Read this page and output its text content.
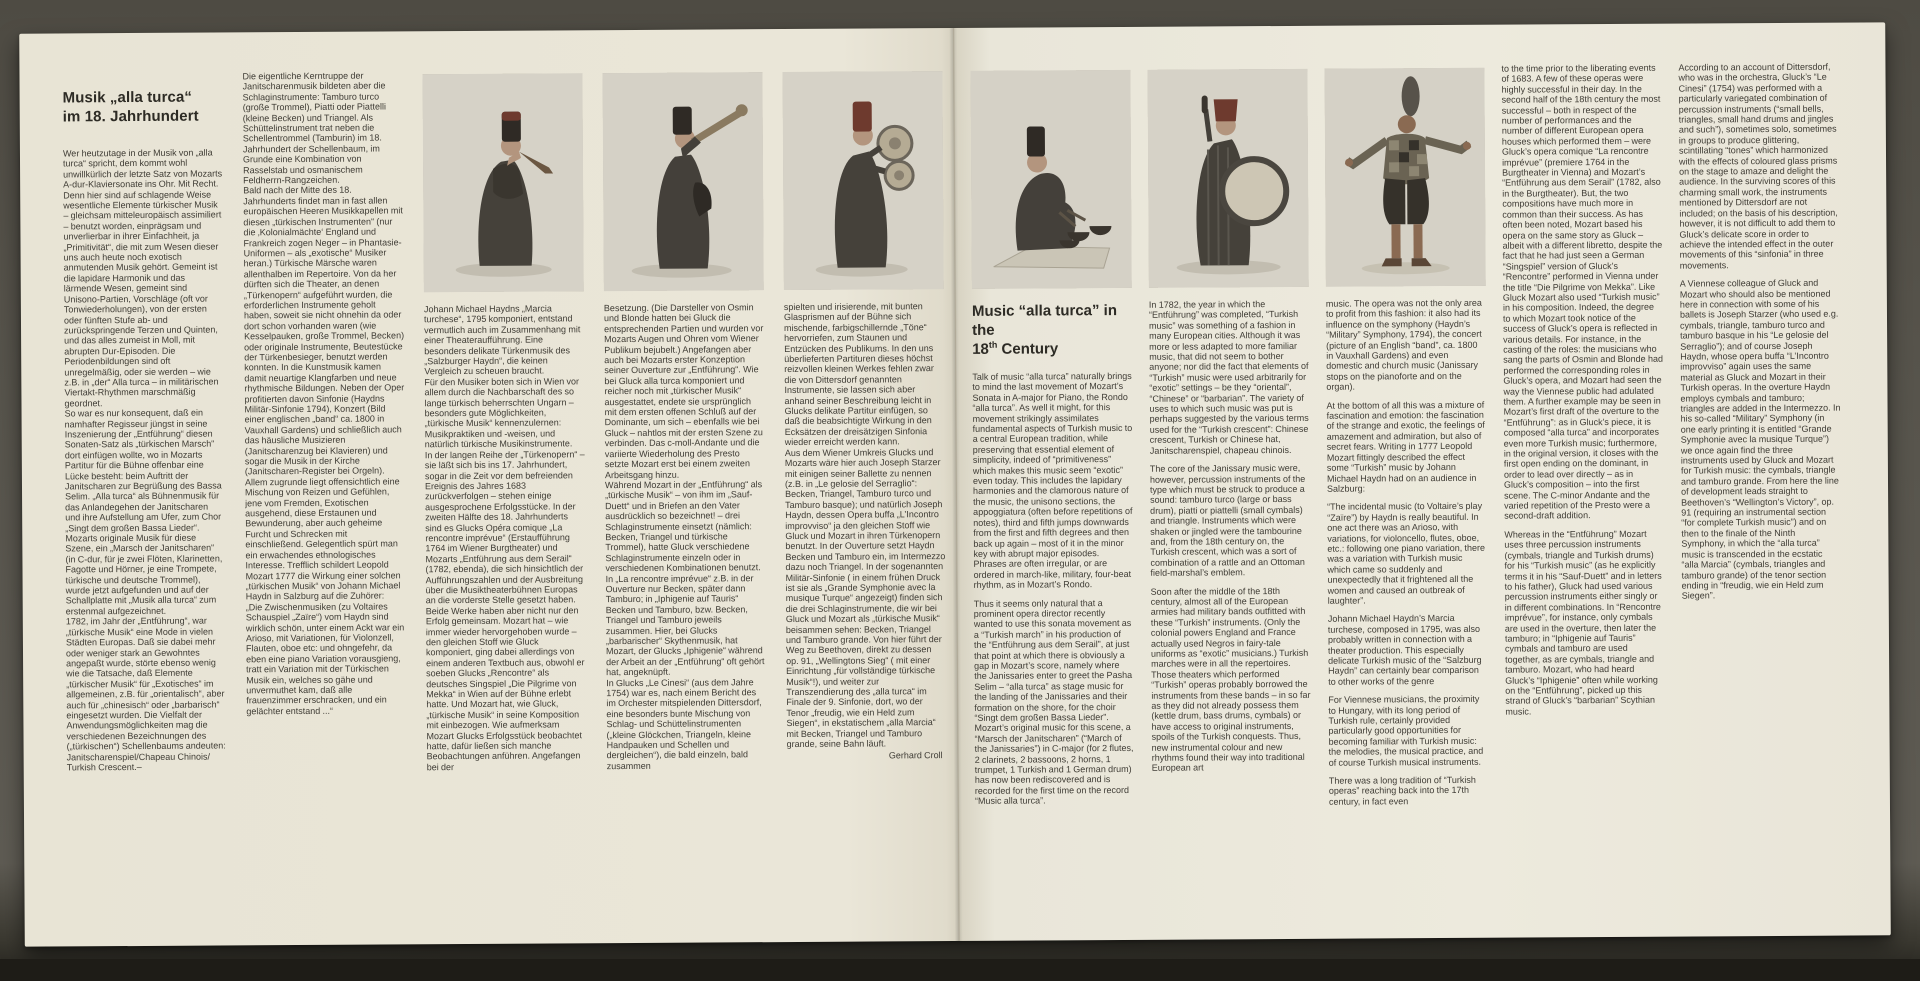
Musik „alla turca“
im 18. Jahrhundert

Wer heutzutage in der Musik von „alla turca“ spricht, dem kommt wohl unwillkürlich der letzte Satz von Mozarts A-dur-Klaviersonate ins Ohr. Mit Recht. Denn hier sind auf schlagende Weise wesentliche Elemente türkischer Musik – gleichsam mitteleuropäisch assimiliert – benutzt worden, einprägsam und unverlierbar in ihrer Einfachheit, ja „Primitivität“, die mit zum Wesen dieser uns auch heute noch exotisch anmutenden Musik gehört. Gemeint ist die lapidare Harmonik und das lärmende Wesen, gemeint sind Unisono-Partien, Vorschläge (oft vor Tonwiederholungen), von der ersten oder fünften Stufe ab- und zurückspringende Terzen und Quinten, und das alles zumeist in Moll, mit abrupten Dur-Episoden. Die Periodenbildungen sind oft unregelmäßig, oder sie werden – wie z.B. in „der“ Alla turca – in militärischen Viertakt-Rhythmen marschmäßig geordnet.

So war es nur konsequent, daß ein namhafter Regisseur jüngst in seine Inszenierung der „Entführung“ diesen Sonaten-Satz als „türkischen Marsch“ dort einfügen wollte, wo in Mozarts Partitur für die Bühne offenbar eine Lücke besteht: beim Auftritt der Janitscharen zur Begrüßung des Bassa Selim. „Alla turca“ als Bühnenmusik für das Anlandegehen der Janitscharen und ihre Aufstellung am Ufer, zum Chor „Singt dem großen Bassa Lieder“. Mozarts originale Musik für diese Szene, ein „Marsch der Janitscharen“ (in C-dur, für je zwei Flöten, Klarinetten, Fagotte und Hörner, je eine Trompete, türkische und deutsche Trommel), wurde jetzt aufgefunden und auf der Schallplatte mit „Musik alla turca“ zum erstenmal aufgezeichnet.

1782, im Jahr der „Entführung“, war „türkische Musik“ eine Mode in vielen Städten Europas. Daß sie dabei mehr oder weniger stark an Gewohntes angepaßt wurde, störte ebenso wenig wie die Tatsache, daß Elemente „türkischer Musik“ für „Exotisches“ im allgemeinen, z.B. für „orientalisch“, aber auch für „chinesisch“ oder „barbarisch“ eingesetzt wurden. Die Vielfalt der Anwendungsmöglichkeiten mag die verschiedenen Bezeichnungen des („türkischen“) Schellenbaums andeuten: Janitscharenspiel/Chapeau Chinois/ Turkish Crescent.–

Die eigentliche Kerntruppe der Janitscharenmusik bildeten aber die Schlaginstrumente: Tamburo turco (große Trommel), Piatti oder Piattelli (kleine Becken) und Triangel. Als Schüttelinstrument trat neben die Schellentrommel (Tamburin) im 18. Jahrhundert der Schellenbaum, im Grunde eine Kombination von Rasselstab und osmanischem Feldherrn-Rangzeichen.

Bald nach der Mitte des 18. Jahrhunderts findet man in fast allen europäischen Heeren Musikkapellen mit diesen „türkischen Instrumenten“ (nur die ‚Kolonialmächte‘ England und Frankreich zogen Neger – in Phantasie-Uniformen – als „exotische“ Musiker heran.) Türkische Märsche waren allenthalben im Repertoire. Von da her dürften sich die Theater, an denen „Türkenopern“ aufgeführt wurden, die erforderlichen Instrumente geholt haben, soweit sie nicht ohnehin da oder dort schon vorhanden waren (wie Kesselpauken, große Trommel, Becken) oder originale Instrumente, Beutestücke der Türkenbesieger, benutzt werden konnten. In die Kunstmusik kamen damit neuartige Klangfarben und neue rhythmische Bildungen. Neben der Oper profitierten davon Sinfonie (Haydns Militär-Sinfonie 1794), Konzert (Bild einer englischen „band“ ca. 1800 in Vauxhall Gardens) und schließlich auch das häusliche Musizieren (Janitscharenzug bei Klavieren) und sogar die Musik in der Kirche (Janitscharen-Register bei Orgeln).

Allem zugrunde liegt offensichtlich eine Mischung von Reizen und Gefühlen, jene vom Fremden, Exotischen ausgehend, diese Erstaunen und Bewunderung, aber auch geheime Furcht und Schrecken mit einschließend. Gelegentlich spürt man ein erwachendes ethnologisches Interesse. Trefflich schildert Leopold Mozart 1777 die Wirkung einer solchen „türkischen Musik“ von Johann Michael Haydn in Salzburg auf die Zuhörer:

„Die Zwischenmusiken (zu Voltaires Schauspiel „Zaïre“) vom Haydn sind wirklich schön, unter einem Ackt war ein Arioso, mit Variationen, für Violonzell, Flauten, oboe etc: und ohngefehr, da eben eine piano Variation vorausgieng, tratt ein Variation mit der Türkischen Musik ein, welches so gähe und unvermuthet kam, daß alle frauenzimmer erschracken, und ein gelächter entstand ...“

Johann Michael Haydns „Marcia turchese“, 1795 komponiert, entstand vermutlich auch im Zusammenhang mit einer Theateraufführung. Eine besonders delikate Türkenmusik des „Salzburger Haydn“, die keinen Vergleich zu scheuen braucht.

Für den Musiker boten sich in Wien vor allem durch die Nachbarschaft des so lange türkisch beherrschten Ungarn – besonders gute Möglichkeiten, „türkische Musik“ kennenzulernen: Musikpraktiken und -weisen, und natürlich türkische Musikinstrumente.

In der langen Reihe der „Türkenopern“ – sie läßt sich bis ins 17. Jahrhundert, sogar in die Zeit vor dem befreienden Ereignis des Jahres 1683 zurückverfolgen – stehen einige ausgesprochene Erfolgsstücke. In der zweiten Hälfte des 18. Jahrhunderts sind es Glucks Opéra comique „La rencontre imprévue“ (Erstaufführung 1764 im Wiener Burgtheater) und Mozarts „Entführung aus dem Serail“ (1782, ebenda), die sich hinsichtlich der Aufführungszahlen und der Ausbreitung über die Musiktheaterbühnen Europas an die vorderste Stelle gesetzt haben. Beide Werke haben aber nicht nur den Erfolg gemeinsam. Mozart hat – wie immer wieder hervorgehoben wurde – den gleichen Stoff wie Gluck komponiert, ging dabei allerdings von einem anderen Textbuch aus, obwohl er soeben Glucks „Rencontre“ als deutsches Singspiel „Die Pilgrime von Mekka“ in Wien auf der Bühne erlebt hatte. Und Mozart hat, wie Gluck, „türkische Musik“ in seine Komposition mit einbezogen. Wie aufmerksam Mozart Glucks Erfolgsstück beobachtet hatte, dafür ließen sich manche Beobachtungen anführen. Angefangen bei der

Besetzung. (Die Darsteller von Osmin und Blonde hatten bei Gluck die entsprechenden Partien und wurden vor Mozarts Augen und Ohren vom Wiener Publikum bejubelt.) Angefangen aber auch bei Mozarts erster Konzeption seiner Ouverture zur „Entführung“. Wie bei Gluck alla turca komponiert und reicher noch mit „türkischer Musik“ ausgestattet, endete sie ursprünglich mit dem ersten offenen Schluß auf der Dominante, um sich – ebenfalls wie bei Gluck – nahtlos mit der ersten Szene zu verbinden. Das c-moll-Andante und die variierte Wiederholung des Presto setzte Mozart erst bei einem zweiten Arbeitsgang hinzu.

Während Mozart in der „Entführung“ als „türkische Musik“ – von ihm im „Sauf-Duett“ und in Briefen an den Vater ausdrücklich so bezeichnet! – drei Schlaginstrumente einsetzt (nämlich: Becken, Triangel und türkische Trommel), hatte Gluck verschiedene Schlaginstrumente einzeln oder in verschiedenen Kombinationen benutzt. In „La rencontre imprévue“ z.B. in der Ouverture nur Becken, später dann Tamburo; in „Iphigenie auf Tauris“ Becken und Tamburo, bzw. Becken, Triangel und Tamburo jeweils zusammen. Hier, bei Glucks „barbarischer“ Skythenmusik, hat Mozart, der Glucks „Iphigenie“ während der Arbeit an der „Entführung“ oft gehört hat, angeknüpft.

In Glucks „Le Cinesi“ (aus dem Jahre 1754) war es, nach einem Bericht des im Orchester mitspielenden Dittersdorf, eine besonders bunte Mischung von Schlag- und Schüttelinstrumenten („kleine Glöckchen, Triangeln, kleine Handpauken und Schellen und dergleichen“), die bald einzeln, bald zusammen

spielten und irisierende, mit bunten Glasprismen auf der Bühne sich mischende, farbigschillernde „Töne“ hervorriefen, zum Staunen und Entzücken des Publikums. In den uns überlieferten Partituren dieses höchst reizvollen kleinen Werkes fehlen zwar die von Dittersdorf genannten Instrumente, sie lassen sich aber anhand seiner Beschreibung leicht in Glucks delikate Partitur einfügen, so daß die beabsichtigte Wirkung in den Ecksätzen der dreisätzigen Sinfonia wieder erreicht werden kann.

Aus dem Wiener Umkreis Glucks und Mozarts wäre hier auch Joseph Starzer mit einigen seiner Ballette zu nennen (z.B. in „Le gelosie del Serraglio“: Becken, Triangel, Tamburo turco und Tamburo basque); und natürlich Joseph Haydn, dessen Opera buffa „L’Incontro improvviso“ ja den gleichen Stoff wie Gluck und Mozart in ihren Türkenopern benutzt. In der Ouverture setzt Haydn Becken und Tamburo ein, im Intermezzo dazu noch Triangel. In der sogenannten Militär-Sinfonie ( in einem frühen Druck ist sie als „Grande Symphonie avec la musique Turque“ angezeigt) finden sich die drei Schlaginstrumente, die wir bei Gluck und Mozart als „türkische Musik“ beisammen sehen: Becken, Triangel und Tamburo grande. Von hier führt der Weg zu Beethoven, direkt zu dessen op. 91, „Wellingtons Sieg“ ( mit einer Einrichtung „für vollständige türkische Musik“!), und weiter zur Transzendierung des „alla turca“ im Finale der 9. Sinfonie, dort, wo der Tenor „freudig, wie ein Held zum Siegen“, in ekstatischem „alla Marcia“ mit Becken, Triangel und Tamburo grande, seine Bahn läuft.

Gerhard Croll

Music “alla turca” in the
18th Century

Talk of music “alla turca” naturally brings to mind the last movement of Mozart’s Sonata in A-major for Piano, the Rondo “alla turca”. As well it might, for this movement strikingly assimilates fundamental aspects of Turkish music to a central European tradition, while preserving that essential element of simplicity, indeed of “primitiveness” which makes this music seem “exotic” even today. This includes the lapidary harmonies and the clamorous nature of the music, the unisono sections, the appoggiatura (often before repetitions of notes), third and fifth jumps downwards from the first and fifth degrees and then back up again – most of it in the minor key with abrupt major episodes. Phrases are often irregular, or are ordered in march-like, military, four-beat rhythm, as in Mozart’s Rondo.

Thus it seems only natural that a prominent opera director recently wanted to use this sonata movement as a “Turkish march” in his production of the “Entführung aus dem Serail”, at just that point at which there is obviously a gap in Mozart’s score, namely where the Janissaries enter to greet the Pasha Selim – “alla turca” as stage music for the landing of the Janissaries and their formation on the shore, for the choir “Singt dem großen Bassa Lieder”. Mozart’s original music for this scene, a “Marsch der Janitscharen” (“March of the Janissaries”) in C-major (for 2 flutes, 2 clarinets, 2 bassoons, 2 horns, 1 trumpet, 1 Turkish and 1 German drum) has now been rediscovered and is recorded for the first time on the record “Music alla turca”.

In 1782, the year in which the “Entführung” was completed, “Turkish music” was something of a fashion in many European cities. Although it was more or less adapted to more familiar music, that did not seem to bother anyone; nor did the fact that elements of “Turkish” music were used arbitrarily for “exotic” settings – be they “oriental”, “Chinese” or “barbarian”. The variety of uses to which such music was put is perhaps suggested by the various terms used for the “Turkish crescent”: Chinese crescent, Turkish or Chinese hat, Janitscharenspiel, chapeau chinois.

The core of the Janissary music were, however, percussion instruments of the type which must be struck to produce a sound: tamburo turco (large or bass drum), piatti or piattelli (small cymbals) and triangle. Instruments which were shaken or jingled were the tambourine and, from the 18th century on, the Turkish crescent, which was a sort of combination of a rattle and an Ottoman field-marshal’s emblem.

Soon after the middle of the 18th century, almost all of the European armies had military bands outfitted with these “Turkish” instruments. (Only the colonial powers England and France actually used Negros in fairy-tale uniforms as “exotic” musicians.) Turkish marches were in all the repertoires. Those theaters which performed “Turkish” operas probably borrowed the instruments from these bands – in so far as they did not already possess them (kettle drum, bass drums, cymbals) or have access to original instruments, spoils of the Turkish conquests. Thus, new instrumental colour and new rhythms found their way into traditional European art

music. The opera was not the only area to profit from this fashion: it also had its influence on the symphony (Haydn’s “Military” Symphony, 1794), the concert (picture of an English “band”, ca. 1800 in Vauxhall Gardens) and even domestic and church music (Janissary stops on the pianoforte and on the organ).

At the bottom of all this was a mixture of fascination and emotion: the fascination of the strange and exotic, the feelings of amazement and admiration, but also of secret fears. Writing in 1777 Leopold Mozart fittingly described the effect some “Turkish” music by Johann Michael Haydn had on an audience in Salzburg:

“The incidental music (to Voltaire’s play “Zaïre”) by Haydn is really beautiful. In one act there was an Arioso, with variations, for violoncello, flutes, oboe, etc.: following one piano variation, there was a variation with Turkish music which came so suddenly and unexpectedly that it frightened all the women and caused an outbreak of laughter”.

Johann Michael Haydn’s Marcia turchese, composed in 1795, was also probably written in connection with a theater production. This especially delicate Turkish music of the “Salzburg Haydn” can certainly bear comparison to other works of the genre

For Viennese musicians, the proximity to Hungary, with its long period of Turkish rule, certainly provided particularly good opportunities for becoming familiar with Turkish music: the melodies, the musical practice, and of course Turkish musical instruments.

There was a long tradition of “Turkish operas” reaching back into the 17th century, in fact even

to the time prior to the liberating events of 1683. A few of these operas were highly successful in their day. In the second half of the 18th century the most successful – both in respect of the number of performances and the number of different European opera houses which performed them – were Gluck’s opera comique “La rencontre imprévue” (premiere 1764 in the Burgtheater in Vienna) and Mozart’s “Entführung aus dem Serail” (1782, also in the Burgtheater). But, the two compositions have much more in common than their success. As has often been noted, Mozart based his opera on the same story as Gluck –albeit with a different libretto, despite the fact that he had just seen a German “Singspiel” version of Gluck’s “Rencontre” performed in Vienna under the title “Die Pilgrime von Mekka”. Like Gluck Mozart also used “Turkish music” in his composition. Indeed, the degree to which Mozart took notice of the success of Gluck’s opera is reflected in various details. For instance, in the casting of the roles: the musicians who sang the parts of Osmin and Blonde had performed the corresponding roles in Gluck’s opera, and Mozart had seen the way the Viennese public had adulated them. A further example may be seen in Mozart’s first draft of the overture to the “Entführung”: as in Gluck’s piece, it is composed “alla turca” and incorporates even more Turkish music; furthermore, in the original version, it closes with the first open ending on the dominant, in order to lead over directly – as in Gluck’s composition – into the first scene. The C-minor Andante and the varied repetition of the Presto were a second-draft addition.

Whereas in the “Entführung” Mozart uses three percussion instruments (cymbals, triangle and Turkish drums) for his “Turkish music” (as he explicitly terms it in his “Sauf-Duett” and in letters to his father), Gluck had used various percussion instruments either singly or in different combinations. In “Rencontre imprévue”, for instance, only cymbals are used in the overture, then later the tamburo; in “Iphigenie auf Tauris” cymbals and tamburo are used together, as are cymbals, triangle and tamburo. Mozart, who had heard Gluck’s “Iphigenie” often while working on the “Entführung”, picked up this strand of Gluck’s “barbarian” Scythian music.

According to an account of Dittersdorf, who was in the orchestra, Gluck’s “Le Cinesi” (1754) was performed with a particularly variegated combination of percussion instruments (“small bells, triangles, small hand drums and jingles and such”), sometimes solo, sometimes in groups to produce glittering, scintillating “tones” which harmonized with the effects of coloured glass prisms on the stage to amaze and delight the audience. In the surviving scores of this charming small work, the instruments mentioned by Dittersdorf are not included; on the basis of his description, however, it is not difficult to add them to Gluck’s delicate score in order to achieve the intended effect in the outer movements of this “sinfonia” in three movements.

A Viennese colleague of Gluck and Mozart who should also be mentioned here in connection with some of his ballets is Joseph Starzer (who used e.g. cymbals, triangle, tamburo turco and tamburo basque in his “Le gelosie del Serraglio”); and of course Joseph Haydn, whose opera buffa “L’Incontro improvviso” again uses the same material as Gluck and Mozart in their Turkish operas. In the overture Haydn employs cymbals and tamburo; triangles are added in the Intermezzo. In his so-called “Military” Symphony (in one early printing it is entitled “Grande Symphonie avec la musique Turque”) we once again find the three instruments used by Gluck and Mozart for Turkish music: the cymbals, triangle and tamburo grande. From here the line of development leads straight to Beethoven’s “Wellington’s Victory”, op. 91 (requiring an instrumental section “for complete Turkish music”) and on then to the finale of the Ninth Symphony, in which the “alla turca” music is transcended in the ecstatic “alla Marcia” (cymbals, triangles and tamburo grande) of the tenor section ending in “freudig, wie ein Held zum Siegen”.
